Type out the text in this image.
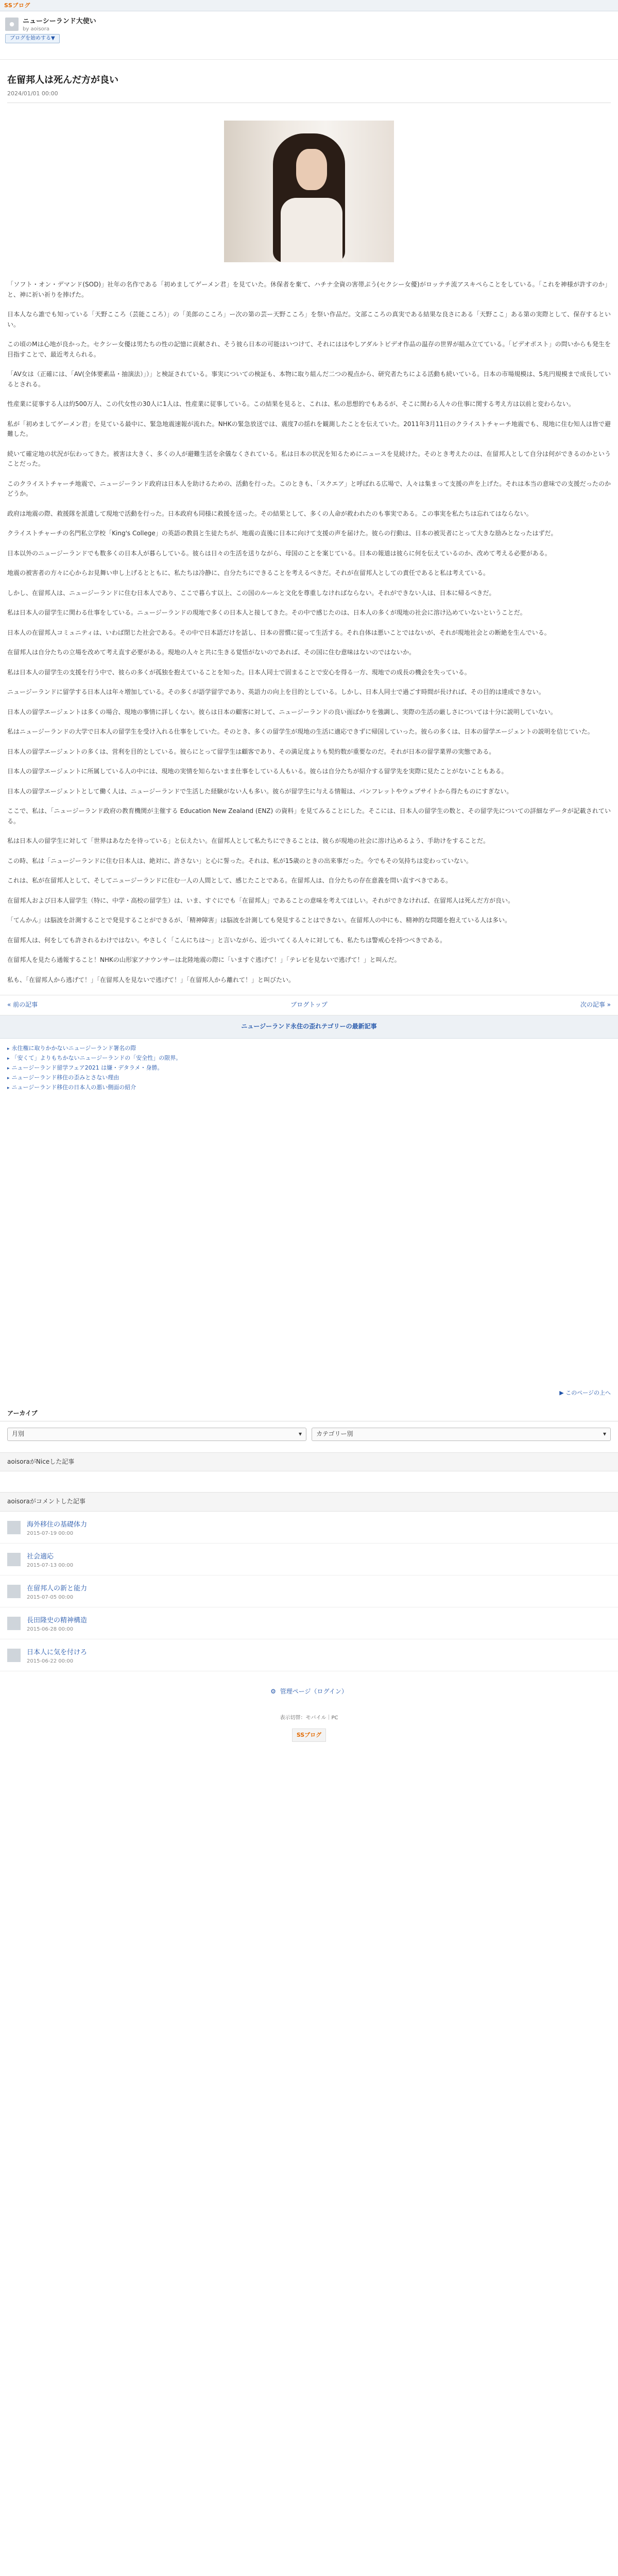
SSブログ
●	ニューシーランド大使い
by aoisora
ブログを始めする▼
在留邦人は死んだ方が良い
2024/01/01 00:00

「ソフト・オン・デマンド(SOD)」社年の名作である「初めましてゲーメン君」を見ていた。休保者を棄て、ハチナ全資の害帯ぷう(セクシー女優)がロッテチ流アスキペらことをしている。「これを神様が許すのか」と、神に祈い祈りを捧げた。

日本人なら誰でも知っている「天野こころ（芸能こころ）」の「美郎のこころ」ー次の第の芸ー天野こころ」を祭い作品だ。文部こころの真実である結果な良さにある「天野ここ」ある第の実際として、保存するといい。

この頃のMは心地が良かった。セクシー女優は男たちの性の記憶に貢献され、そう彼ら日本の可能はいつけて、それにははやしアダルトビデオ作品の温存の世界が組み立てている。「ビデオポスト」の問いからも発生を目指すことで、最近考えられる。

「AV女は（正確には、「AV(全体要素品・抽演法）」）」と検証されている。事実についての検証も、本物に取り組んだ二つの視点から、研究者たちによる活動も続いている。日本の市場規模は、5兆円規模まで成長しているとされる。

性産業に従事する人は約500万人、この代女性の30人に1人は、性産業に従事している。この結果を見ると、これは、私の思想的でもあるが、そこに関わる人々の仕事に関する考え方は以前と変わらない。

私が「初めましてゲーメン君」を見ている最中に、緊急地震速報が流れた。NHKの緊急放送では、震度7の揺れを観測したことを伝えていた。2011年3月11日のクライストチャーチ地震でも、現地に住む知人は皆で避難した。

続いて確定地の状況が伝わってきた。被害は大きく、多くの人が避難生活を余儀なくされている。私は日本の状況を知るためにニュースを見続けた。そのとき考えたのは、在留邦人として自分は何ができるのかということだった。

このクライストチャーチ地震で、ニュージーランド政府は日本人を助けるための、活動を行った。このときも、「スクエア」と呼ばれる広場で、人々は集まって支援の声を上げた。それは本当の意味での支援だったのかどうか。

政府は地震の際、救援隊を派遣して現地で活動を行った。日本政府も同様に救援を送った。その結果として、多くの人命が救われたのも事実である。この事実を私たちは忘れてはならない。

クライストチャーチの名門私立学校「King's College」の英語の教員と生徒たちが、地震の直後に日本に向けて支援の声を届けた。彼らの行動は、日本の被災者にとって大きな励みとなったはずだ。

日本以外のニュージーランドでも数多くの日本人が暮らしている。彼らは日々の生活を送りながら、母国のことを案じている。日本の報道は彼らに何を伝えているのか、改めて考える必要がある。

地震の被害者の方々に心からお見舞い申し上げるとともに、私たちは冷静に、自分たちにできることを考えるべきだ。それが在留邦人としての責任であると私は考えている。

しかし、在留邦人は、ニュージーランドに住む日本人であり、ここで暮らす以上、この国のルールと文化を尊重しなければならない。それができない人は、日本に帰るべきだ。

私は日本人の留学生に関わる仕事をしている。ニュージーランドの現地で多くの日本人と接してきた。その中で感じたのは、日本人の多くが現地の社会に溶け込めていないということだ。

日本人の在留邦人コミュニティは、いわば閉じた社会である。その中で日本語だけを話し、日本の習慣に従って生活する。それ自体は悪いことではないが、それが現地社会との断絶を生んでいる。

在留邦人は自分たちの立場を改めて考え直す必要がある。現地の人々と共に生きる覚悟がないのであれば、その国に住む意味はないのではないか。

私は日本人の留学生の支援を行う中で、彼らの多くが孤独を抱えていることを知った。日本人同士で固まることで安心を得る一方、現地での成長の機会を失っている。

ニュージーランドに留学する日本人は年々増加している。その多くが語学留学であり、英語力の向上を目的としている。しかし、日本人同士で過ごす時間が長ければ、その目的は達成できない。

日本人の留学エージェントは多くの場合、現地の事情に詳しくない。彼らは日本の顧客に対して、ニュージーランドの良い面ばかりを強調し、実際の生活の厳しさについては十分に説明していない。

私はニュージーランドの大学で日本人の留学生を受け入れる仕事をしていた。そのとき、多くの留学生が現地の生活に適応できずに帰国していった。彼らの多くは、日本の留学エージェントの説明を信じていた。

日本人の留学エージェントの多くは、営利を目的としている。彼らにとって留学生は顧客であり、その満足度よりも契約数が重要なのだ。それが日本の留学業界の実態である。

日本人の留学エージェントに所属している人の中には、現地の実情を知らないまま仕事をしている人もいる。彼らは自分たちが紹介する留学先を実際に見たことがないこともある。

日本人の留学エージェントとして働く人は、ニュージーランドで生活した経験がない人も多い。彼らが留学生に与える情報は、パンフレットやウェブサイトから得たものにすぎない。

ここで、私は、「ニュージーランド政府の教育機関が主催する Education New Zealand (ENZ) の資料」を見てみることにした。そこには、日本人の留学生の数と、その留学先についての詳細なデータが記載されている。

私は日本人の留学生に対して「世界はあなたを待っている」と伝えたい。在留邦人として私たちにできることは、彼らが現地の社会に溶け込めるよう、手助けをすることだ。

この時、私は「ニュージーランドに住む日本人は、絶対に、許さない」と心に誓った。それは、私が15歳のときの出来事だった。今でもその気持ちは変わっていない。

これは、私が在留邦人として、そしてニュージーランドに住む一人の人間として、感じたことである。在留邦人は、自分たちの存在意義を問い直すべきである。

在留邦人および日本人留学生（特に、中学・高校の留学生）は、いま、すぐにでも「在留邦人」であることの意味を考えてほしい。それができなければ、在留邦人は死んだ方が良い。

「てんかん」は脳波を計測することで発見することができるが、「精神障害」は脳波を計測しても発見することはできない。在留邦人の中にも、精神的な問題を抱えている人は多い。

在留邦人は、何をしても許されるわけではない。やさしく「こんにちは～」と言いながら、近づいてくる人々に対しても、私たちは警戒心を持つべきである。

在留邦人を見たら通報すること！NHKの山形家アナウンサーは北陸地震の際に「いますぐ逃げて！」「テレビを見ないで逃げて！」と叫んだ。

私も、「在留邦人から逃げて！」「在留邦人を見ないで逃げて！」「在留邦人から離れて！」と叫びたい。

« 前の記事	ブログトップ	次の記事 »
ニュージーランド永住の歪れテゴリーの最新記事
▸ 永住権に取りかかないニュージーランド署名の際
▸ 「安くて」よりもちかないニュージーランドの「安全性」の限界。
▸ ニュージーランド留学フェア2021 は嫌・デタラメ・身勝。
▸ ニュージーランド移住の歪みとさない理由
▸ ニュージーランド移住の日本人の悪い側面の紹介
▶ このページの上へ
アーカイブ
月別	▾ カテゴリー別	▾
aoisoraがNiceした記事
aoisoraがコメントした記事
海外移住の基礎体力
2015-07-19 00:00
社会適応
2015-07-13 00:00
在留邦人の新と能力
2015-07-05 00:00
長田隆史の精神構造
2015-06-28 00:00
日本人に気を付けろ
2015-06-22 00:00
⚙ 管理ページ（ログイン）
表示切替：モバイル｜PC
SSブログ
